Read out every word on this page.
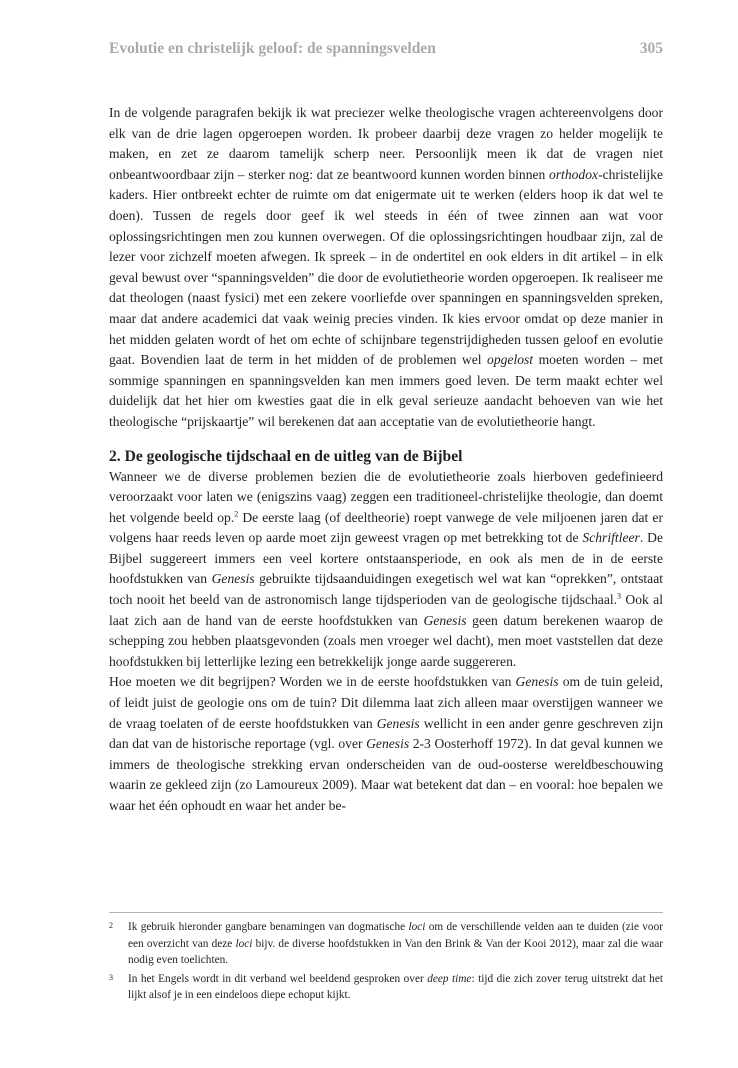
Evolutie en christelijk geloof: de spanningsvelden	305

In de volgende paragrafen bekijk ik wat preciezer welke theologische vragen achtereenvolgens door elk van de drie lagen opgeroepen worden. Ik probeer daarbij deze vragen zo helder mogelijk te maken, en zet ze daarom tamelijk scherp neer. Persoonlijk meen ik dat de vragen niet onbeantwoordbaar zijn – sterker nog: dat ze beantwoord kunnen worden binnen orthodox-christelijke kaders. Hier ontbreekt echter de ruimte om dat enigermate uit te werken (elders hoop ik dat wel te doen). Tussen de regels door geef ik wel steeds in één of twee zinnen aan wat voor oplossingsrichtingen men zou kunnen overwegen. Of die oplossingsrichtingen houdbaar zijn, zal de lezer voor zichzelf moeten afwegen. Ik spreek – in de ondertitel en ook elders in dit artikel – in elk geval bewust over “spanningsvelden” die door de evolutietheorie worden opgeroepen. Ik realiseer me dat theologen (naast fysici) met een zekere voorliefde over spanningen en spanningsvelden spreken, maar dat andere academici dat vaak weinig precies vinden. Ik kies ervoor omdat op deze manier in het midden gelaten wordt of het om echte of schijnbare tegenstrijdigheden tussen geloof en evolutie gaat. Bovendien laat de term in het midden of de problemen wel opgelost moeten worden – met sommige spanningen en spanningsvelden kan men immers goed leven. De term maakt echter wel duidelijk dat het hier om kwesties gaat die in elk geval serieuze aandacht behoeven van wie het theologische “prijskaartje” wil berekenen dat aan acceptatie van de evolutietheorie hangt.

2. De geologische tijdschaal en de uitleg van de Bijbel

Wanneer we de diverse problemen bezien die de evolutietheorie zoals hierboven gedefinieerd veroorzaakt voor laten we (enigszins vaag) zeggen een traditioneel-christelijke theologie, dan doemt het volgende beeld op.$^2$ De eerste laag (of deeltheorie) roept vanwege de vele miljoenen jaren dat er volgens haar reeds leven op aarde moet zijn geweest vragen op met betrekking tot de Schriftleer. De Bijbel suggereert immers een veel kortere ontstaansperiode, en ook als men de in de eerste hoofdstukken van Genesis gebruikte tijdsaanduidingen exegetisch wel wat kan “oprekken”, ontstaat toch nooit het beeld van de astronomisch lange tijdsperioden van de geologische tijdschaal.$^3$ Ook al laat zich aan de hand van de eerste hoofdstukken van Genesis geen datum berekenen waarop de schepping zou hebben plaatsgevonden (zoals men vroeger wel dacht), men moet vaststellen dat deze hoofdstukken bij letterlijke lezing een betrekkelijk jonge aarde suggereren.

Hoe moeten we dit begrijpen? Worden we in de eerste hoofdstukken van Genesis om de tuin geleid, of leidt juist de geologie ons om de tuin? Dit dilemma laat zich alleen maar overstijgen wanneer we de vraag toelaten of de eerste hoofdstukken van Genesis wellicht in een ander genre geschreven zijn dan dat van de historische reportage (vgl. over Genesis 2-3 Oosterhoff 1972). In dat geval kunnen we immers de theologische strekking ervan onderscheiden van de oud-oosterse wereldbeschouwing waarin ze gekleed zijn (zo Lamoureux 2009). Maar wat betekent dat dan – en vooral: hoe bepalen we waar het één ophoudt en waar het ander be-

2 Ik gebruik hieronder gangbare benamingen van dogmatische loci om de verschillende velden aan te duiden (zie voor een overzicht van deze loci bijv. de diverse hoofdstukken in Van den Brink & Van der Kooi 2012), maar zal die waar nodig even toelichten.

3 In het Engels wordt in dit verband wel beeldend gesproken over deep time: tijd die zich zover terug uitstrekt dat het lijkt alsof je in een eindeloos diepe echoput kijkt.
